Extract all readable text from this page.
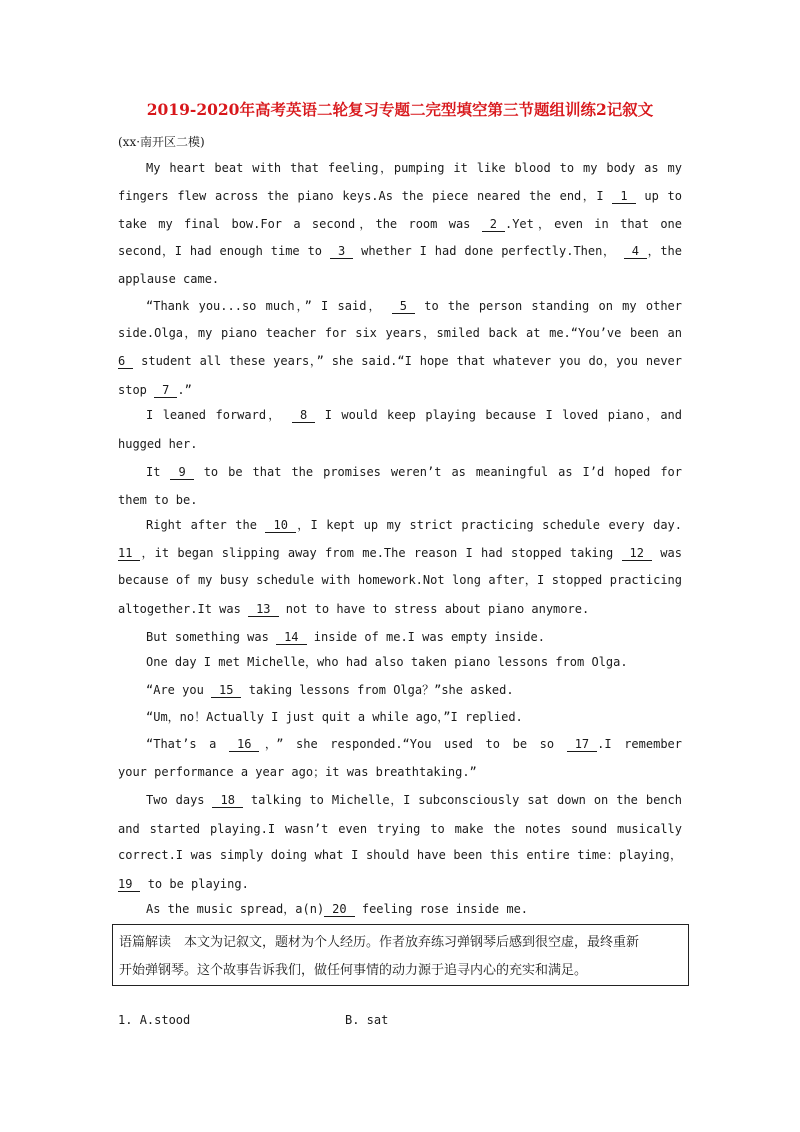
2019-2020年高考英语二轮复习专题二完型填空第三节题组训练2记叙文
(xx·南开区二模)
My heart beat with that feeling，pumping it like blood to my body as my
fingers flew across the piano keys.As the piece neared the end，I 1 up to
take my final bow.For a second，the room was 2 .Yet，even in that one
second，I had enough time to 3 whether I had done perfectly.Then， 4 ，the
applause came.
“Thank you...so much，” I said， 5 to the person standing on my other
side.Olga，my piano teacher for six years，smiled back at me.“You’ve been an
6 student all these years，” she said.“I hope that whatever you do，you never
stop 7 .”
I leaned forward， 8 I would keep playing because I loved piano，and
hugged her.
It 9 to be that the promises weren’t as meaningful as I’d hoped for
them to be.
Right after the 10 ，I kept up my strict practicing schedule every day.
11 ，it began slipping away from me.The reason I had stopped taking 12 was
because of my busy schedule with homework.Not long after，I stopped practicing
altogether.It was 13 not to have to stress about piano anymore.
But something was 14 inside of me.I was empty inside.
One day I met Michelle，who had also taken piano lessons from Olga.
“Are you 15 taking lessons from Olga？”she asked.
“Um，no！Actually I just quit a while ago，”I replied.
“That’s a 16 ，” she responded.“You used to be so 17 .I remember
your performance a year ago；it was breathtaking.”
Two days 18 talking to Michelle，I subconsciously sat down on the bench
and started playing.I wasn’t even trying to make the notes sound musically
correct.I was simply doing what I should have been this entire time：playing，
19 to be playing.
As the music spread，a(n) 20 feeling rose inside me.
语篇解读　本文为记叙文，题材为个人经历。作者放弃练习弹钢琴后感到很空虚，最终重新
开始弹钢琴。这个故事告诉我们，做任何事情的动力源于追寻内心的充实和满足。
1. A.stood	B. sat
